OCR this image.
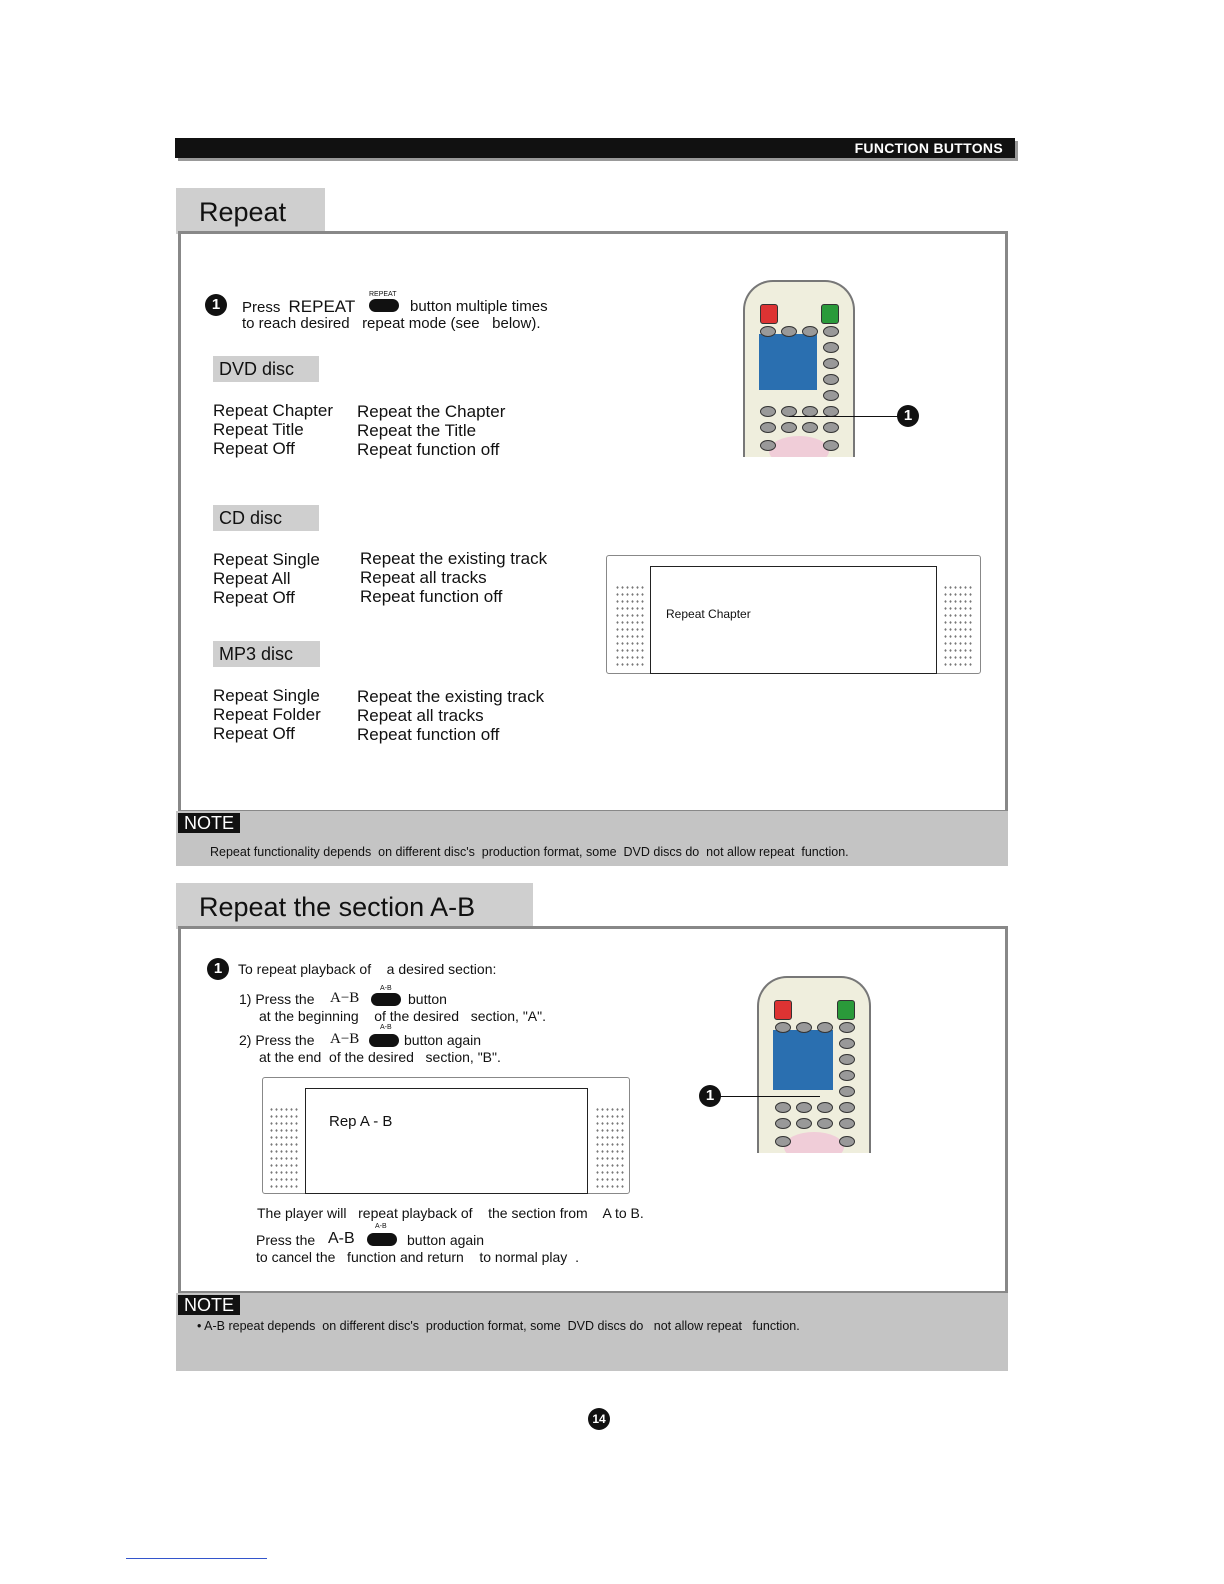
FUNCTION BUTTONS
Repeat
1	Press REPEAT
REPEAT
button multiple times
to reach desired   repeat mode (see   below).
DVD disc
Repeat Chapter
Repeat Title
Repeat Off
Repeat the Chapter
Repeat the Title
Repeat function off
CD disc
Repeat Single
Repeat All
Repeat Off
Repeat the existing track
Repeat all tracks
Repeat function off
MP3 disc
Repeat Single
Repeat Folder
Repeat Off
Repeat the existing track
Repeat all tracks
Repeat function off
1
Repeat Chapter
NOTE
Repeat functionality depends  on different disc's  production format, some  DVD discs do  not allow repeat  function.
Repeat the section A-B
1	To repeat playback of    a desired section:
1) Press the A−B
A-B
button
at the beginning    of the desired   section, "A".
2) Press the A−B
A-B
button again
at the end  of the desired   section, "B".
Rep A - B
The player will   repeat playback of    the section from    A to B.
Press the A-B
A-B
button again
to cancel the   function and return    to normal play  .
1
NOTE
• A-B repeat depends  on different disc's  production format, some  DVD discs do   not allow repeat   function.
14
